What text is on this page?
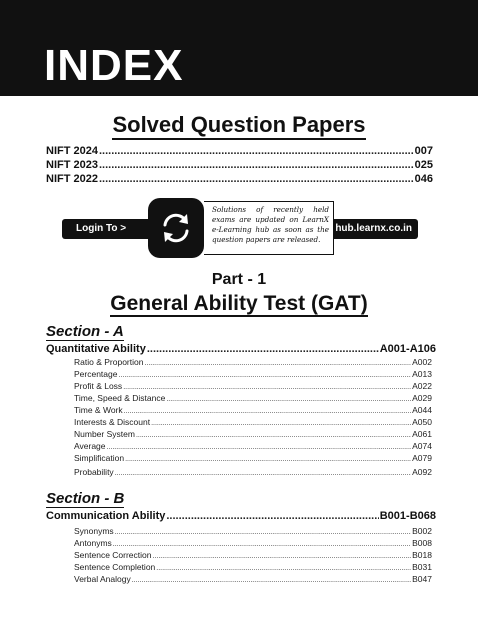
INDEX
Solved Question Papers
NIFT 2024 .....	007
NIFT 2023 .....	025
NIFT 2022 .....	046
Login To >	hub.learnx.co.in
Solutions of recently held exams are updated on LearnX e-Learning hub as soon as the question papers are released.
Part - 1
General Ability Test (GAT)
Section - A
Quantitative Ability .....	A001-A106
Ratio & Proportion .....	A002
Percentage .....	A013
Profit & Loss .....	A022
Time, Speed & Distance .....	A029
Time & Work .....	A044
Interests & Discount .....	A050
Number System .....	A061
Average .....	A074
Simplification .....	A079
Probability .....	A092
Section - B
Communication Ability .....	B001-B068
Synonyms .....	B002
Antonyms .....	B008
Sentence Correction .....	B018
Sentence Completion .....	B031
Verbal Analogy .....	B047
